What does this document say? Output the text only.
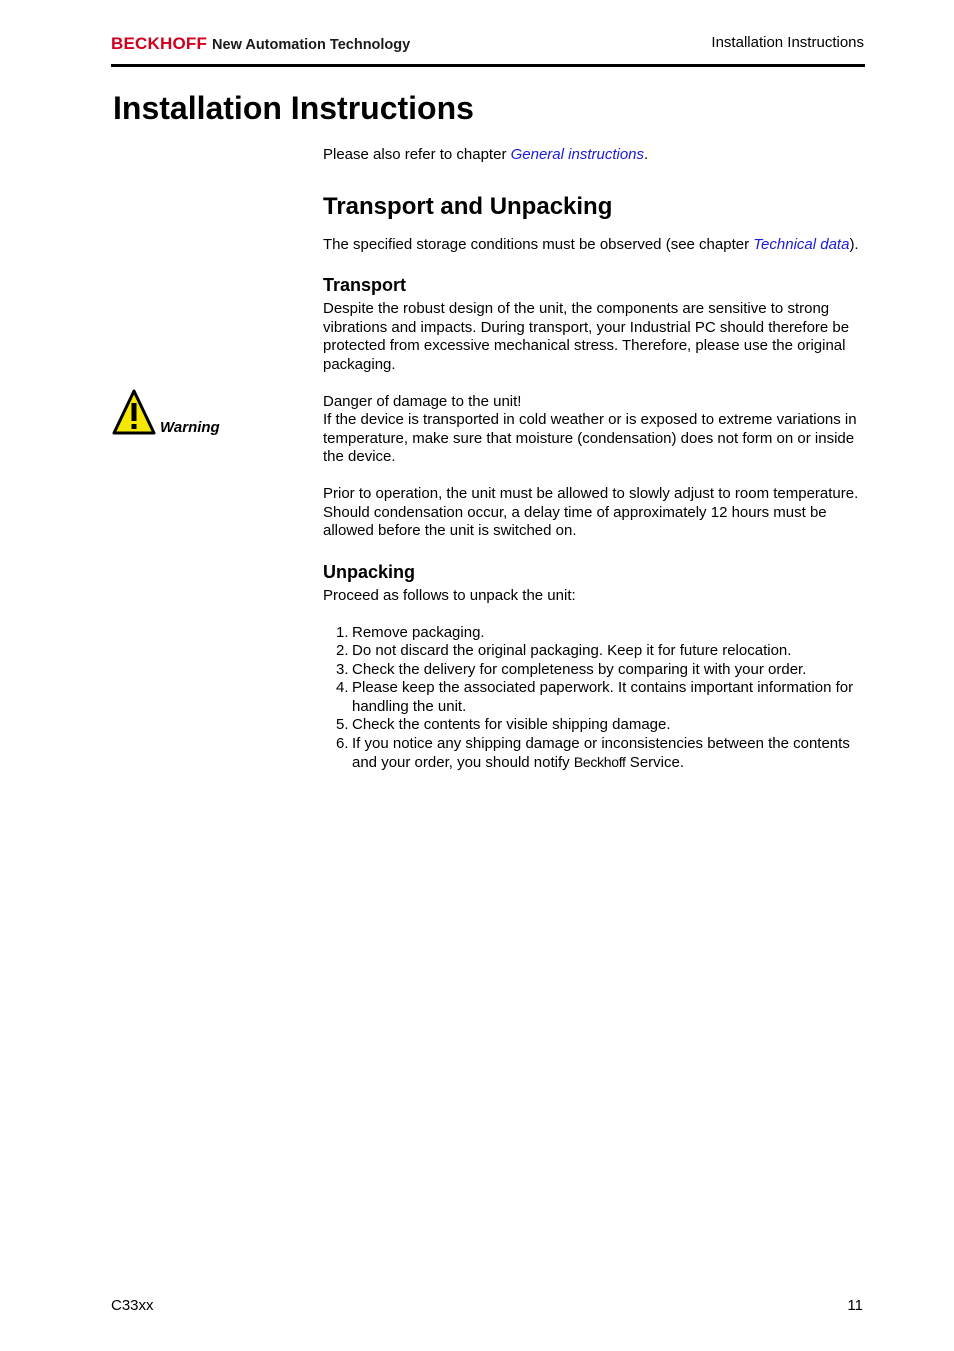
BECKHOFF New Automation Technology	Installation Instructions
Installation Instructions
Warning

Please also refer to chapter General instructions.

Transport and Unpacking

The specified storage conditions must be observed (see chapter Technical data).

Transport

Despite the robust design of the unit, the components are sensitive to strong vibrations and impacts. During transport, your Industrial PC should therefore be protected from excessive mechanical stress. Therefore, please use the original packaging.

Danger of damage to the unit!

If the device is transported in cold weather or is exposed to extreme variations in temperature, make sure that moisture (condensation) does not form on or inside the device.

Prior to operation, the unit must be allowed to slowly adjust to room temperature. Should condensation occur, a delay time of approximately 12 hours must be allowed before the unit is switched on.

Unpacking

Proceed as follows to unpack the unit:

1. Remove packaging.
2. Do not discard the original packaging. Keep it for future relocation.
3. Check the delivery for completeness by comparing it with your order.
4. Please keep the associated paperwork. It contains important information for handling the unit.
5. Check the contents for visible shipping damage.
6. If you notice any shipping damage or inconsistencies between the contents and your order, you should notify Beckhoff Service.
C33xx	11
